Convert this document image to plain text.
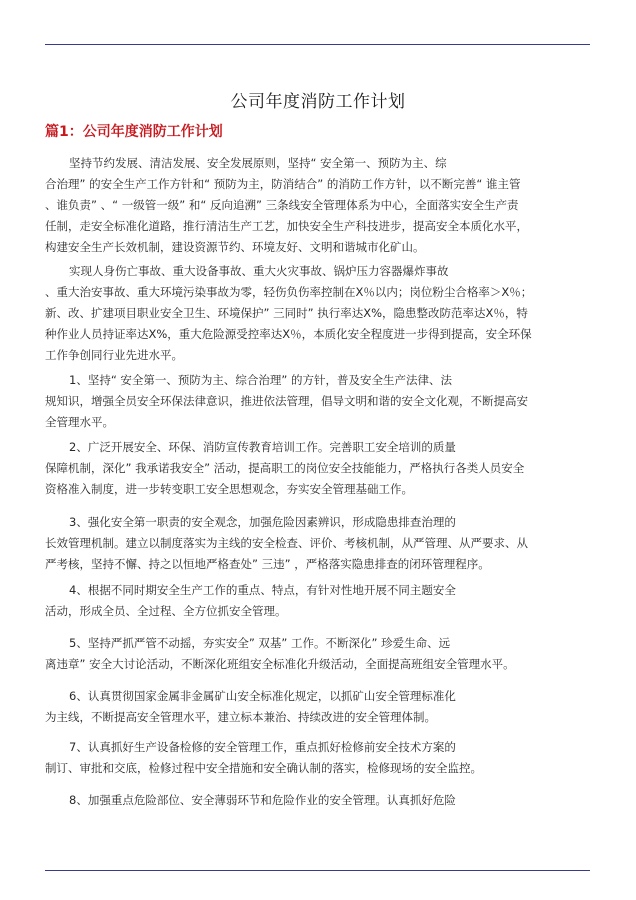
公司年度消防工作计划
篇1：公司年度消防工作计划
坚持节约发展、清洁发展、安全发展原则，坚持“ 安全第一、预防为主、综
合治理” 的安全生产工作方针和“ 预防为主，防消结合” 的消防工作方针，以不断完善“ 谁主管
、谁负责” 、“ 一级管一级” 和“ 反向追溯” 三条线安全管理体系为中心，全面落实安全生产责
任制，走安全标准化道路，推行清洁生产工艺，加快安全生产科技进步，提高安全本质化水平，
构建安全生产长效机制，建设资源节约、环境友好、文明和谐城市化矿山。
实现人身伤亡事故、重大设备事故、重大火灾事故、锅炉压力容器爆炸事故
、重大治安事故、重大环境污染事故为零，轻伤负伤率控制在X％以内；岗位粉尘合格率＞X％；
新、改、扩建项目职业安全卫生、环境保护” 三同时” 执行率达X%，隐患整改防范率达X％，特
种作业人员持证率达X%，重大危险源受控率达X％，本质化安全程度进一步得到提高，安全环保
工作争创同行业先进水平。
1、坚持“ 安全第一、预防为主、综合治理” 的方针，普及安全生产法律、法
规知识，增强全员安全环保法律意识，推进依法管理，倡导文明和谐的安全文化观，不断提高安
全管理水平。
2、广泛开展安全、环保、消防宣传教育培训工作。完善职工安全培训的质量
保障机制，深化” 我承诺我安全” 活动，提高职工的岗位安全技能能力，严格执行各类人员安全
资格准入制度，进一步转变职工安全思想观念，夯实安全管理基础工作。
3、强化安全第一职责的安全观念，加强危险因素辨识，形成隐患排查治理的
长效管理机制。建立以制度落实为主线的安全检查、评价、考核机制，从严管理、从严要求、从
严考核，坚持不懈、持之以恒地严格查处” 三违” ，严格落实隐患排查的闭环管理程序。
4、根据不同时期安全生产工作的重点、特点，有针对性地开展不同主题安全
活动，形成全员、全过程、全方位抓安全管理。
5、坚持严抓严管不动摇，夯实安全” 双基” 工作。不断深化” 珍爱生命、远
离违章” 安全大讨论活动，不断深化班组安全标准化升级活动，全面提高班组安全管理水平。
6、认真贯彻国家金属非金属矿山安全标准化规定，以抓矿山安全管理标准化
为主线，不断提高安全管理水平，建立标本兼治、持续改进的安全管理体制。
7、认真抓好生产设备检修的安全管理工作，重点抓好检修前安全技术方案的
制订、审批和交底，检修过程中安全措施和安全确认制的落实，检修现场的安全监控。
8、加强重点危险部位、安全薄弱环节和危险作业的安全管理。认真抓好危险
